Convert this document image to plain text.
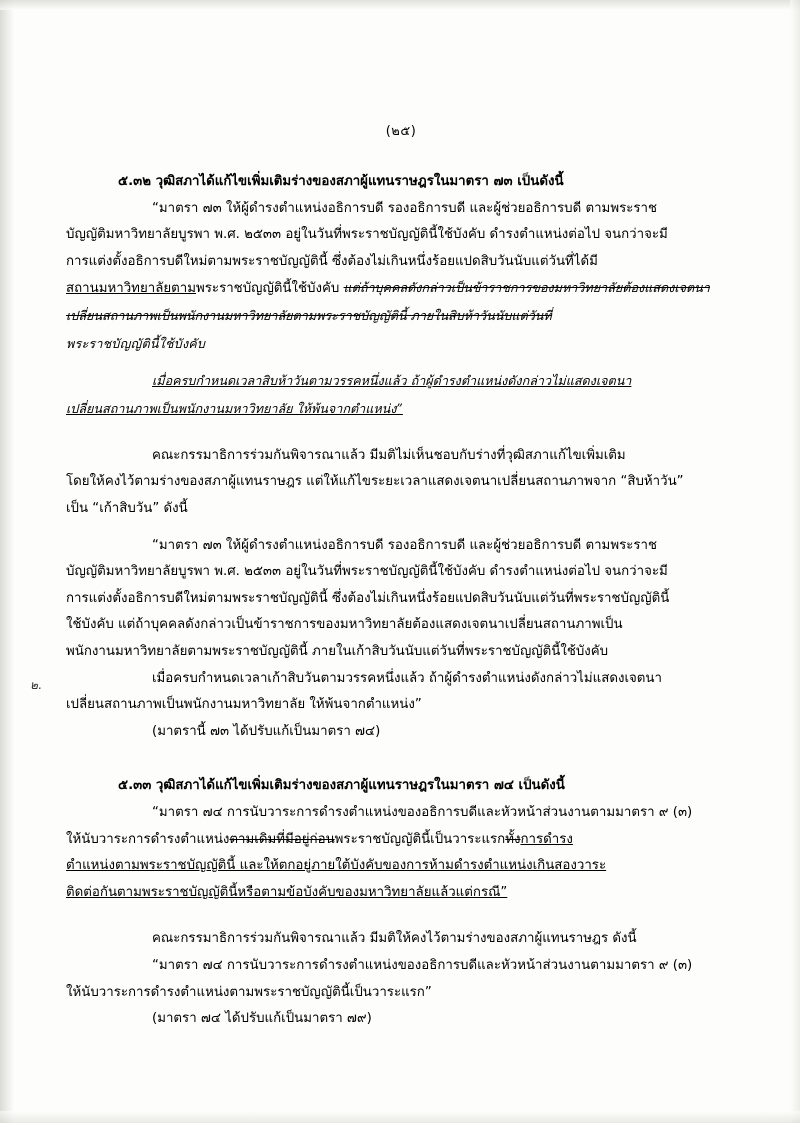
๒.
(๒๕)

๕.๓๒ วุฒิสภาได้แก้ไขเพิ่มเติมร่างของสภาผู้แทนราษฎรในมาตรา ๗๓ เป็นดังนี้

“มาตรา ๗๓ ให้ผู้ดำรงตำแหน่งอธิการบดี รองอธิการบดี และผู้ช่วยอธิการบดี ตามพระราช

บัญญัติมหาวิทยาลัยบูรพา พ.ศ. ๒๕๓๓ อยู่ในวันที่พระราชบัญญัตินี้ใช้บังคับ ดำรงตำแหน่งต่อไป จนกว่าจะมี

การแต่งตั้งอธิการบดีใหม่ตามพระราชบัญญัตินี้ ซึ่งต้องไม่เกินหนึ่งร้อยแปดสิบวันนับแต่วันที่ได้มี

สถานมหาวิทยาลัยตามพระราชบัญญัตินี้ใช้บังคับ แต่ถ้าบุคคลดังกล่าวเป็นข้าราชการของมหาวิทยาลัยต้องแสดงเจตนา

เปลี่ยนสถานภาพเป็นพนักงานมหาวิทยาลัยตามพระราชบัญญัตินี้ ภายในสิบห้าวันนับแต่วันที่

พระราชบัญญัตินี้ใช้บังคับ

เมื่อครบกำหนดเวลาสิบห้าวันตามวรรคหนึ่งแล้ว ถ้าผู้ดำรงตำแหน่งดังกล่าวไม่แสดงเจตนา

เปลี่ยนสถานภาพเป็นพนักงานมหาวิทยาลัย ให้พ้นจากตำแหน่ง”

คณะกรรมาธิการร่วมกันพิจารณาแล้ว มีมติไม่เห็นชอบกับร่างที่วุฒิสภาแก้ไขเพิ่มเติม

โดยให้คงไว้ตามร่างของสภาผู้แทนราษฎร แต่ให้แก้ไขระยะเวลาแสดงเจตนาเปลี่ยนสถานภาพจาก “สิบห้าวัน”

เป็น “เก้าสิบวัน” ดังนี้

“มาตรา ๗๓ ให้ผู้ดำรงตำแหน่งอธิการบดี รองอธิการบดี และผู้ช่วยอธิการบดี ตามพระราช

บัญญัติมหาวิทยาลัยบูรพา พ.ศ. ๒๕๓๓ อยู่ในวันที่พระราชบัญญัตินี้ใช้บังคับ ดำรงตำแหน่งต่อไป จนกว่าจะมี

การแต่งตั้งอธิการบดีใหม่ตามพระราชบัญญัตินี้ ซึ่งต้องไม่เกินหนึ่งร้อยแปดสิบวันนับแต่วันที่พระราชบัญญัตินี้

ใช้บังคับ แต่ถ้าบุคคลดังกล่าวเป็นข้าราชการของมหาวิทยาลัยต้องแสดงเจตนาเปลี่ยนสถานภาพเป็น

พนักงานมหาวิทยาลัยตามพระราชบัญญัตินี้ ภายในเก้าสิบวันนับแต่วันที่พระราชบัญญัตินี้ใช้บังคับ

เมื่อครบกำหนดเวลาเก้าสิบวันตามวรรคหนึ่งแล้ว ถ้าผู้ดำรงตำแหน่งดังกล่าวไม่แสดงเจตนา

เปลี่ยนสถานภาพเป็นพนักงานมหาวิทยาลัย ให้พ้นจากตำแหน่ง”

(มาตรานี้ ๗๓ ได้ปรับแก้เป็นมาตรา ๗๔)

๕.๓๓ วุฒิสภาได้แก้ไขเพิ่มเติมร่างของสภาผู้แทนราษฎรในมาตรา ๗๔ เป็นดังนี้

“มาตรา ๗๔ การนับวาระการดำรงตำแหน่งของอธิการบดีและหัวหน้าส่วนงานตามมาตรา ๙ (๓)

ให้นับวาระการดำรงตำแหน่งตามเดิมที่มีอยู่ก่อนพระราชบัญญัตินี้เป็นวาระแรกทั้งการดำรง

ตำแหน่งตามพระราชบัญญัตินี้ และให้ตกอยู่ภายใต้บังคับของการห้ามดำรงตำแหน่งเกินสองวาระ

ติดต่อกันตามพระราชบัญญัตินี้หรือตามข้อบังคับของมหาวิทยาลัยแล้วแต่กรณี”

คณะกรรมาธิการร่วมกันพิจารณาแล้ว มีมติให้คงไว้ตามร่างของสภาผู้แทนราษฎร ดังนี้

“มาตรา ๗๔ การนับวาระการดำรงตำแหน่งของอธิการบดีและหัวหน้าส่วนงานตามมาตรา ๙ (๓)

ให้นับวาระการดำรงตำแหน่งตามพระราชบัญญัตินี้เป็นวาระแรก”

(มาตรา ๗๔ ได้ปรับแก้เป็นมาตรา ๗๙)
